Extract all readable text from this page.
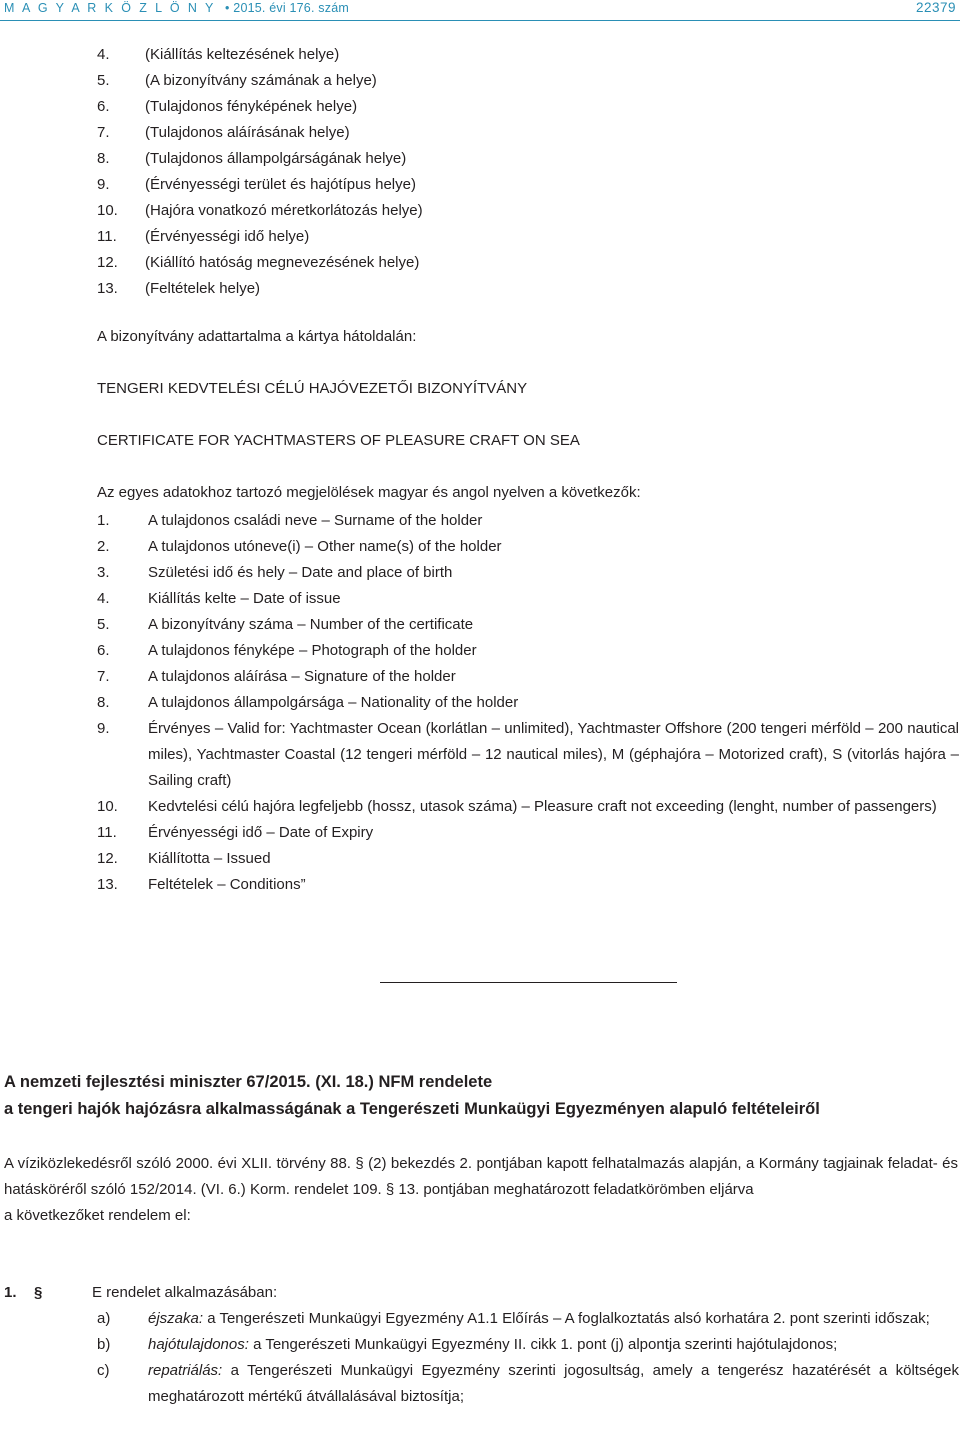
M A G Y A R K Ö Z L Ö N Y • 2015. évi 176. szám	22379
4. (Kiállítás keltezésének helye)
5. (A bizonyítvány számának a helye)
6. (Tulajdonos fényképének helye)
7. (Tulajdonos aláírásának helye)
8. (Tulajdonos állampolgárságának helye)
9. (Érvényességi terület és hajótípus helye)
10. (Hajóra vonatkozó méretkorlátozás helye)
11. (Érvényességi idő helye)
12. (Kiállító hatóság megnevezésének helye)
13. (Feltételek helye)
A bizonyítvány adattartalma a kártya hátoldalán:
TENGERI KEDVTELÉSI CÉLÚ HAJÓVEZETŐI BIZONYÍTVÁNY
CERTIFICATE FOR YACHTMASTERS OF PLEASURE CRAFT ON SEA
Az egyes adatokhoz tartozó megjelölések magyar és angol nyelven a következők:
1.	A tulajdonos családi neve – Surname of the holder
2.	A tulajdonos utóneve(i) – Other name(s) of the holder
3.	Születési idő és hely – Date and place of birth
4.	Kiállítás kelte – Date of issue
5.	A bizonyítvány száma – Number of the certificate
6.	A tulajdonos fényképe – Photograph of the holder
7.	A tulajdonos aláírása – Signature of the holder
8.	A tulajdonos állampolgársága – Nationality of the holder
9.	Érvényes – Valid for: Yachtmaster Ocean (korlátlan – unlimited), Yachtmaster Offshore (200 tengeri mérföld – 200 nautical miles), Yachtmaster Coastal (12 tengeri mérföld – 12 nautical miles), M (géphajóra – Motorized craft), S (vitorlás hajóra – Sailing craft)
10.	Kedvtelési célú hajóra legfeljebb (hossz, utasok száma) – Pleasure craft not exceeding (lenght, number of passengers)
11.	Érvényességi idő – Date of Expiry
12.	Kiállította – Issued
13.	Feltételek – Conditions”
A nemzeti fejlesztési miniszter 67/2015. (XI. 18.) NFM rendelete
a tengeri hajók hajózásra alkalmasságának a Tengerészeti Munkaügyi Egyezményen alapuló feltételeiről
A víziközlekedésről szóló 2000. évi XLII. törvény 88. § (2) bekezdés 2. pontjában kapott felhatalmazás alapján, a Kormány tagjainak feladat- és hatásköréről szóló 152/2014. (VI. 6.) Korm. rendelet 109. § 13. pontjában meghatározott feladatkörömben eljárva
a következőket rendelem el:
1.	§	E rendelet alkalmazásában:
a)	éjszaka: a Tengerészeti Munkaügyi Egyezmény A1.1 Előírás – A foglalkoztatás alsó korhatára 2. pont szerinti időszak;
b)	hajótulajdonos: a Tengerészeti Munkaügyi Egyezmény II. cikk 1. pont (j) alpontja szerinti hajótulajdonos;
c)	repatriálás: a Tengerészeti Munkaügyi Egyezmény szerinti jogosultság, amely a tengerész hazatérését a költségek meghatározott mértékű átvállalásával biztosítja;
